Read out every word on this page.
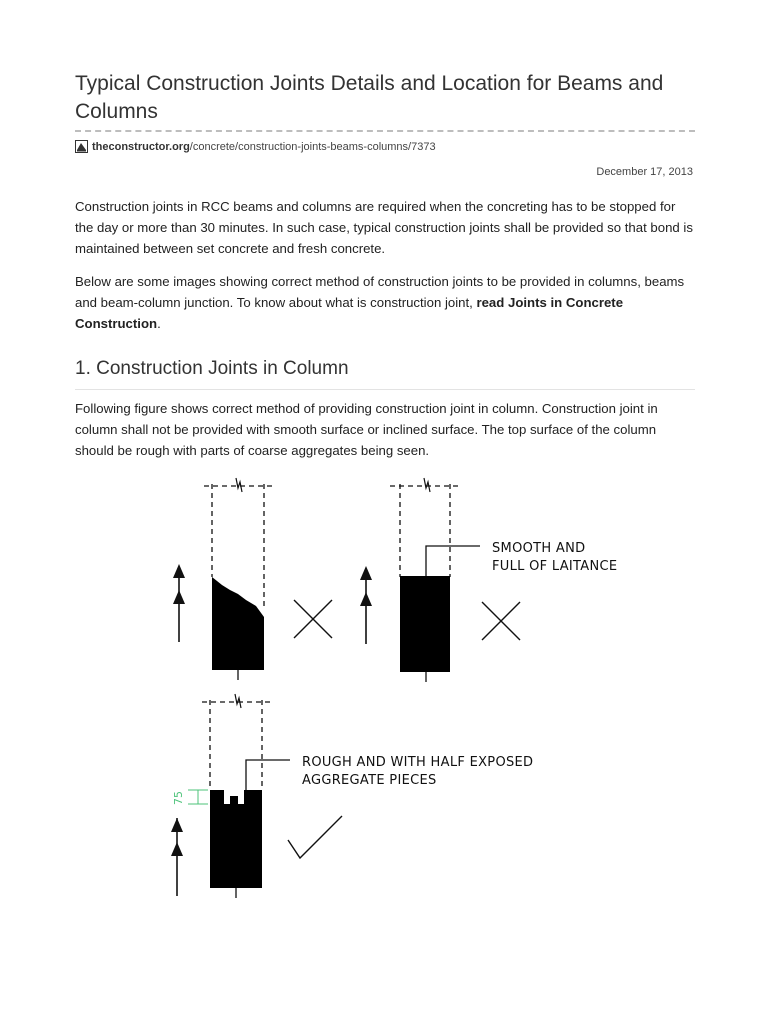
Typical Construction Joints Details and Location for Beams and Columns
theconstructor.org /concrete/construction-joints-beams-columns/7373
December 17, 2013

Construction joints in RCC beams and columns are required when the concreting has to be stopped for the day or more than 30 minutes. In such case, typical construction joints shall be provided so that bond is maintained between set concrete and fresh concrete.

Below are some images showing correct method of construction joints to be provided in columns, beams and beam-column junction. To know about what is construction joint, read Joints in Concrete Construction.

1. Construction Joints in Column

Following figure shows correct method of providing construction joint in column. Construction joint in column shall not be provided with smooth surface or inclined surface. The top surface of the column should be rough with parts of coarse aggregates being seen.

SMOOTH AND
FULL OF LAITANCE
75
ROUGH AND WITH HALF EXPOSED
AGGREGATE PIECES
